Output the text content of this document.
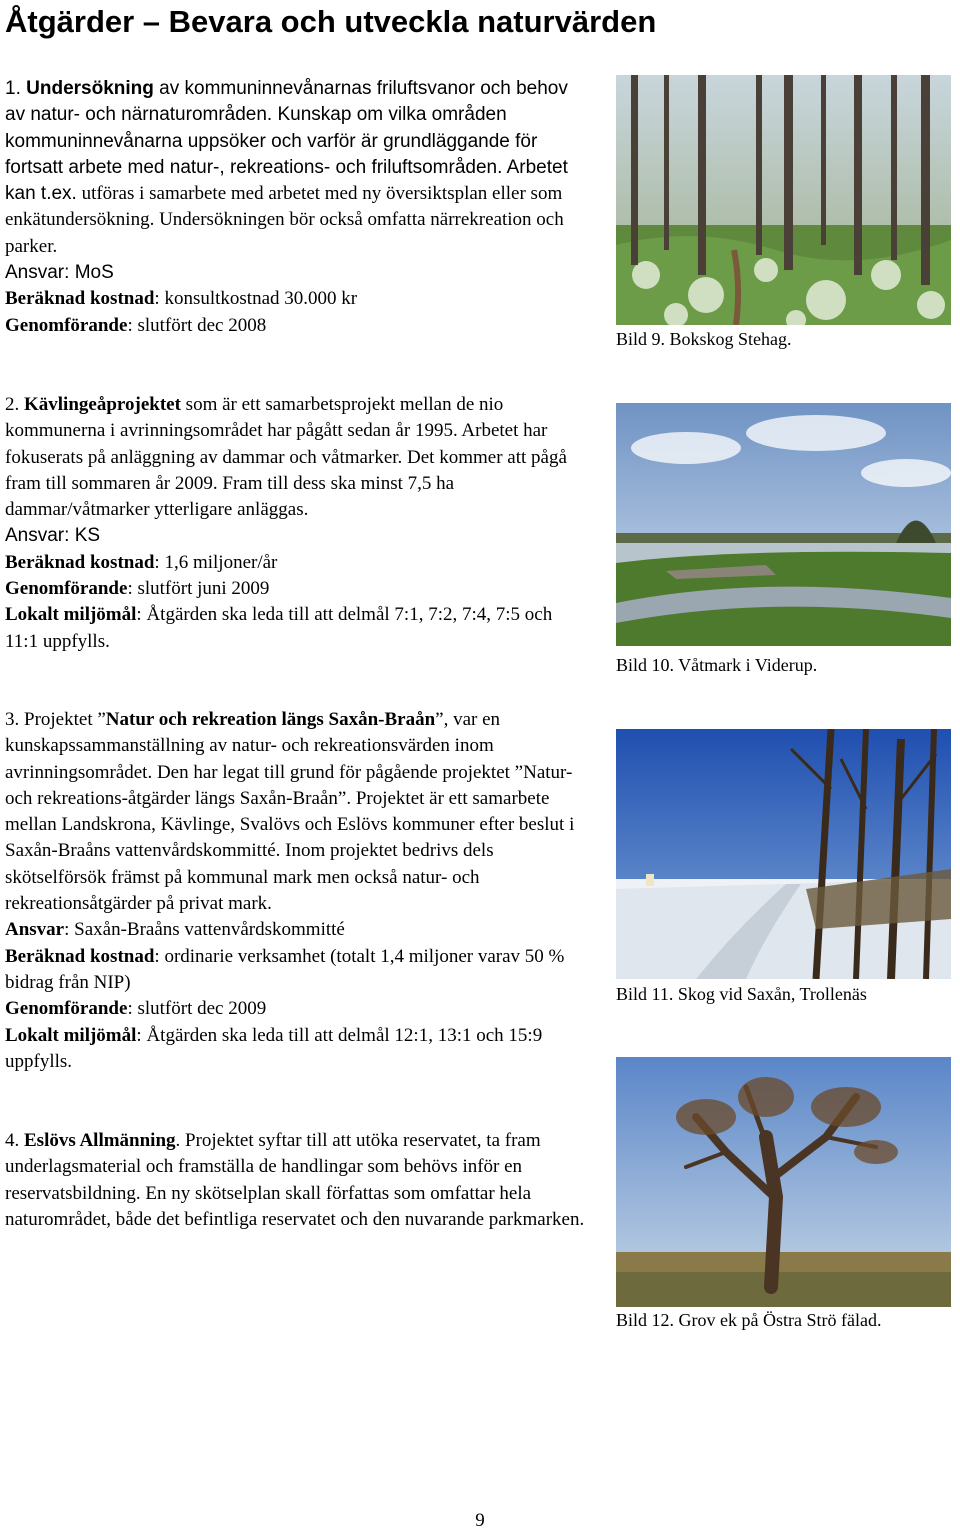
Åtgärder – Bevara och utveckla naturvärden

1. Undersökning av kommuninnevånarnas friluftsvanor och behov av natur- och närnaturområden. Kunskap om vilka områden kommuninnevånarna uppsöker och varför är grundläggande för fortsatt arbete med natur-, rekreations- och friluftsområden. Arbetet kan t.ex. utföras i samarbete med arbetet med ny översiktsplan eller som enkätundersökning. Undersökningen bör också omfatta närrekreation och parker.

Ansvar: MoS

Beräknad kostnad: konsultkostnad 30.000 kr

Genomförande: slutfört dec 2008

2. Kävlingeåprojektet som är ett samarbetsprojekt mellan de nio kommunerna i avrinningsområdet har pågått sedan år 1995. Arbetet har fokuserats på anläggning av dammar och våtmarker. Det kommer att pågå fram till sommaren år 2009. Fram till dess ska minst 7,5 ha dammar/våtmarker ytterligare anläggas.

Ansvar: KS

Beräknad kostnad: 1,6 miljoner/år

Genomförande: slutfört juni 2009

Lokalt miljömål: Åtgärden ska leda till att delmål 7:1, 7:2, 7:4, 7:5 och 11:1 uppfylls.

3. Projektet ”Natur och rekreation längs Saxån-Braån”, var en kunskapssammanställning av natur- och rekreationsvärden inom avrinningsområdet. Den har legat till grund för pågående projektet ”Natur- och rekreations-åtgärder längs Saxån-Braån”. Projektet är ett samarbete mellan Landskrona, Kävlinge, Svalövs och Eslövs kommuner efter beslut i Saxån-Braåns vattenvårdskommitté. Inom projektet bedrivs dels skötselförsök främst på kommunal mark men också natur- och rekreationsåtgärder på privat mark.

Ansvar: Saxån-Braåns vattenvårdskommitté

Beräknad kostnad: ordinarie verksamhet (totalt 1,4 miljoner varav 50 % bidrag från NIP)

Genomförande: slutfört dec 2009

Lokalt miljömål: Åtgärden ska leda till att delmål 12:1, 13:1 och 15:9 uppfylls.

4. Eslövs Allmänning. Projektet syftar till att utöka reservatet, ta fram underlagsmaterial och framställa de handlingar som behövs inför en reservatsbildning. En ny skötselplan skall författas som omfattar hela naturområdet, både det befintliga reservatet och den nuvarande parkmarken.

Bild 9. Bokskog Stehag.
Bild 10. Våtmark i Viderup.
Bild 11. Skog vid Saxån, Trollenäs
Bild 12. Grov ek på Östra Strö fälad.
9
